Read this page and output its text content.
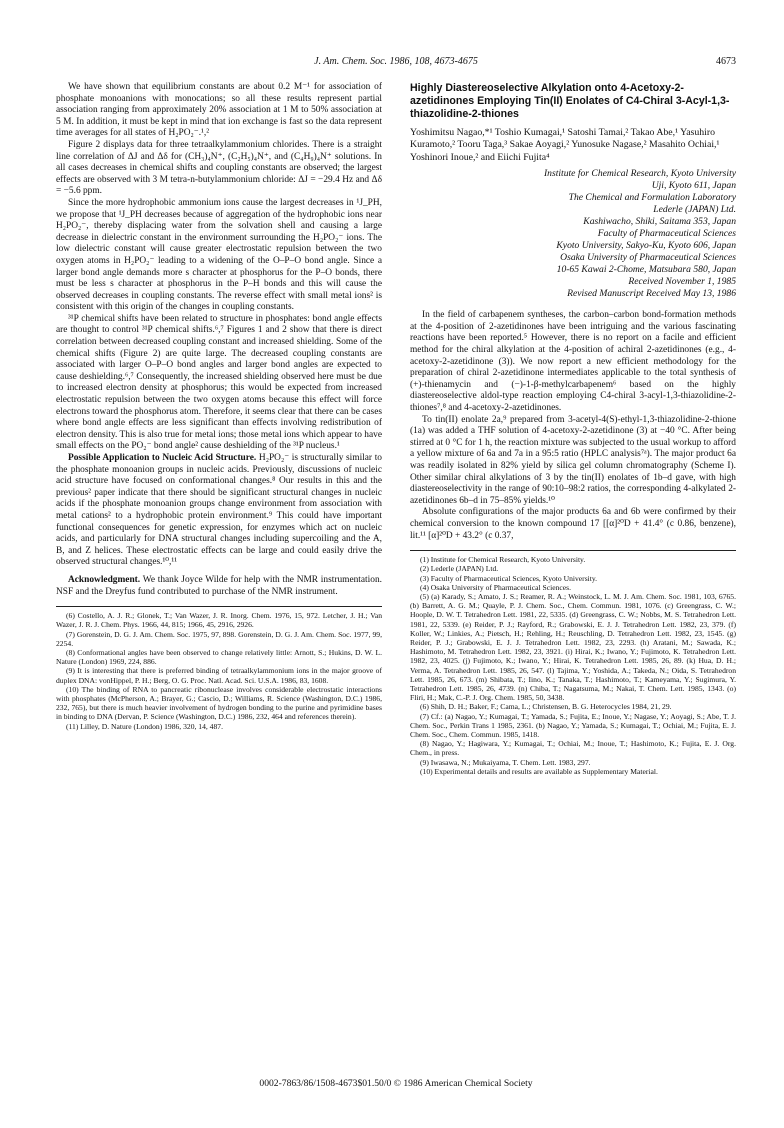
J. Am. Chem. Soc. 1986, 108, 4673-4675	4673

We have shown that equilibrium constants are about 0.2 M⁻¹ for association of phosphate monoanions with monocations; so all these results represent partial association ranging from approximately 20% association at 1 M to 50% association at 5 M. In addition, it must be kept in mind that ion exchange is fast so the data represent time averages for all states of H₂PO₂⁻.¹,²

Figure 2 displays data for three tetraalkylammonium chlorides. There is a straight line correlation of ΔJ and Δδ for (CH₃)₄N⁺, (C₂H₅)₄N⁺, and (C₄H₉)₄N⁺ solutions. In all cases decreases in chemical shifts and coupling constants are observed; the largest effects are observed with 3 M tetra-n-butylammonium chloride: ΔJ = −29.4 Hz and Δδ = −5.6 ppm.

Since the more hydrophobic ammonium ions cause the largest decreases in ¹J_PH, we propose that ¹J_PH decreases because of aggregation of the hydrophobic ions near H₂PO₂⁻, thereby displacing water from the solvation shell and causing a large decrease in dielectric constant in the environment surrounding the H₂PO₂⁻ ions. The low dielectric constant will cause greater electrostatic repulsion between the two oxygen atoms in H₂PO₂⁻ leading to a widening of the O–P–O bond angle. Since a larger bond angle demands more s character at phosphorus for the P–O bonds, there must be less s character at phosphorus in the P–H bonds and this will cause the observed decreases in coupling constants. The reverse effect with small metal ions² is consistent with this origin of the changes in coupling constants.

³¹P chemical shifts have been related to structure in phosphates: bond angle effects are thought to control ³¹P chemical shifts.⁶,⁷ Figures 1 and 2 show that there is direct correlation between decreased coupling constant and increased shielding. Some of the chemical shifts (Figure 2) are quite large. The decreased coupling constants are associated with larger O–P–O bond angles and larger bond angles are expected to cause deshielding.⁶,⁷ Consequently, the increased shielding observed here must be due to increased electron density at phosphorus; this would be expected from increased electrostatic repulsion between the two oxygen atoms because this effect will force electrons toward the phosphorus atom. Therefore, it seems clear that there can be cases where bond angle effects are less significant than effects involving redistribution of electron density. This is also true for metal ions; those metal ions which appear to have small effects on the PO₂⁻ bond angle² cause deshielding of the ³¹P nucleus.¹

Possible Application to Nucleic Acid Structure. H₂PO₂⁻ is structurally similar to the phosphate monoanion groups in nucleic acids. Previously, discussions of nucleic acid structure have focused on conformational changes.⁸ Our results in this and the previous² paper indicate that there should be significant structural changes in nucleic acids if the phosphate monoanion groups change environment from association with metal cations² to a hydrophobic protein environment.⁹ This could have important functional consequences for genetic expression, for enzymes which act on nucleic acids, and particularly for DNA structural changes including supercoiling and the A, B, and Z helices. These electrostatic effects can be large and could easily drive the observed structural changes.¹⁰,¹¹

Acknowledgment. We thank Joyce Wilde for help with the NMR instrumentation. NSF and the Dreyfus fund contributed to purchase of the NMR instrument.

(6) Costello, A. J. R.; Glonek, T.; Van Wazer, J. R. Inorg. Chem. 1976, 15, 972. Letcher, J. H.; Van Wazer, J. R. J. Chem. Phys. 1966, 44, 815; 1966, 45, 2916, 2926.

(7) Gorenstein, D. G. J. Am. Chem. Soc. 1975, 97, 898. Gorenstein, D. G. J. Am. Chem. Soc. 1977, 99, 2254.

(8) Conformational angles have been observed to change relatively little: Arnott, S.; Hukins, D. W. L. Nature (London) 1969, 224, 886.

(9) It is interesting that there is preferred binding of tetraalkylammonium ions in the major groove of duplex DNA: vonHippel, P. H.; Berg, O. G. Proc. Natl. Acad. Sci. U.S.A. 1986, 83, 1608.

(10) The binding of RNA to pancreatic ribonuclease involves considerable electrostatic interactions with phosphates (McPherson, A.; Brayer, G.; Cascio, D.; Williams, R. Science (Washington, D.C.) 1986, 232, 765), but there is much heavier involvement of hydrogen bonding to the purine and pyrimidine bases in binding to DNA (Dervan, P. Science (Washington, D.C.) 1986, 232, 464 and references therein).

(11) Lilley, D. Nature (London) 1986, 320, 14, 487.

Highly Diastereoselective Alkylation onto 4-Acetoxy-2-azetidinones Employing Tin(II) Enolates of C4-Chiral 3-Acyl-1,3-thiazolidine-2-thiones
Yoshimitsu Nagao,*¹ Toshio Kumagai,¹ Satoshi Tamai,² Takao Abe,¹ Yasuhiro Kuramoto,² Tooru Taga,³ Sakae Aoyagi,² Yunosuke Nagase,² Masahito Ochiai,¹ Yoshinori Inoue,² and Eiichi Fujita⁴
Institute for Chemical Research, Kyoto University
Uji, Kyoto 611, Japan
The Chemical and Formulation Laboratory
Lederle (JAPAN) Ltd.
Kashiwacho, Shiki, Saitama 353, Japan
Faculty of Pharmaceutical Sciences
Kyoto University, Sakyo-Ku, Kyoto 606, Japan
Osaka University of Pharmaceutical Sciences
10-65 Kawai 2-Chome, Matsubara 580, Japan
Received November 1, 1985
Revised Manuscript Received May 13, 1986

In the field of carbapenem syntheses, the carbon–carbon bond-formation methods at the 4-position of 2-azetidinones have been intriguing and the various fascinating reactions have been reported.⁵ However, there is no report on a facile and efficient method for the chiral alkylation at the 4-position of achiral 2-azetidinones (e.g., 4-acetoxy-2-azetidinone (3)). We now report a new efficient methodology for the preparation of chiral 2-azetidinone intermediates applicable to the total synthesis of (+)-thienamycin and (−)-1-β-methylcarbapenem⁶ based on the highly diastereoselective aldol-type reaction employing C4-chiral 3-acyl-1,3-thiazolidine-2-thiones⁷,⁸ and 4-acetoxy-2-azetidinones.

To tin(II) enolate 2a,⁹ prepared from 3-acetyl-4(S)-ethyl-1,3-thiazolidine-2-thione (1a) was added a THF solution of 4-acetoxy-2-azetidinone (3) at −40 °C. After being stirred at 0 °C for 1 h, the reaction mixture was subjected to the usual workup to afford a yellow mixture of 6a and 7a in a 95:5 ratio (HPLC analysis⁷ᵃ). The major product 6a was readily isolated in 82% yield by silica gel column chromatography (Scheme I). Other similar chiral alkylations of 3 by the tin(II) enolates of 1b–d gave, with high diastereoselectivity in the range of 90:10–98:2 ratios, the corresponding 4-alkylated 2-azetidinones 6b–d in 75–85% yields.¹⁰

Absolute configurations of the major products 6a and 6b were confirmed by their chemical conversion to the known compound 17 [[α]²⁰D + 41.4° (c 0.86, benzene), lit.¹¹ [α]²⁰D + 43.2° (c 0.37,

(1) Institute for Chemical Research, Kyoto University.

(2) Lederle (JAPAN) Ltd.

(3) Faculty of Pharmaceutical Sciences, Kyoto University.

(4) Osaka University of Pharmaceutical Sciences.

(5) (a) Karady, S.; Amato, J. S.; Reamer, R. A.; Weinstock, L. M. J. Am. Chem. Soc. 1981, 103, 6765. (b) Barrett, A. G. M.; Quayle, P. J. Chem. Soc., Chem. Commun. 1981, 1076. (c) Greengrass, C. W.; Hoople, D. W. T. Tetrahedron Lett. 1981, 22, 5335. (d) Greengrass, C. W.; Nobbs, M. S. Tetrahedron Lett. 1981, 22, 5339. (e) Reider, P. J.; Rayford, R.; Grabowski, E. J. J. Tetrahedron Lett. 1982, 23, 379. (f) Koller, W.; Linkies, A.; Pietsch, H.; Rehling, H.; Reuschling, D. Tetrahedron Lett. 1982, 23, 1545. (g) Reider, P. J.; Grabowski, E. J. J. Tetrahedron Lett. 1982, 23, 2293. (h) Aratani, M.; Sawada, K.; Hashimoto, M. Tetrahedron Lett. 1982, 23, 3921. (i) Hirai, K.; Iwano, Y.; Fujimoto, K. Tetrahedron Lett. 1982, 23, 4025. (j) Fujimoto, K.; Iwano, Y.; Hirai, K. Tetrahedron Lett. 1985, 26, 89. (k) Hua, D. H.; Verma, A. Tetrahedron Lett. 1985, 26, 547. (l) Tajima, Y.; Yoshida, A.; Takeda, N.; Oida, S. Tetrahedron Lett. 1985, 26, 673. (m) Shibata, T.; Iino, K.; Tanaka, T.; Hashimoto, T.; Kameyama, Y.; Sugimura, Y. Tetrahedron Lett. 1985, 26, 4739. (n) Chiba, T.; Nagatsuma, M.; Nakai, T. Chem. Lett. 1985, 1343. (o) Fliri, H.; Mak, C.-P. J. Org. Chem. 1985, 50, 3438.

(6) Shih, D. H.; Baker, F.; Cama, L.; Christensen, B. G. Heterocycles 1984, 21, 29.

(7) Cf.: (a) Nagao, Y.; Kumagai, T.; Yamada, S.; Fujita, E.; Inoue, Y.; Nagase, Y.; Aoyagi, S.; Abe, T. J. Chem. Soc., Perkin Trans 1 1985, 2361. (b) Nagao, Y.; Yamada, S.; Kumagai, T.; Ochiai, M.; Fujita, E. J. Chem. Soc., Chem. Commun. 1985, 1418.

(8) Nagao, Y.; Hagiwara, Y.; Kumagai, T.; Ochiai, M.; Inoue, T.; Hashimoto, K.; Fujita, E. J. Org. Chem., in press.

(9) Iwasawa, N.; Mukaiyama, T. Chem. Lett. 1983, 297.

(10) Experimental details and results are available as Supplementary Material.

0002-7863/86/1508-4673$01.50/0 © 1986 American Chemical Society
